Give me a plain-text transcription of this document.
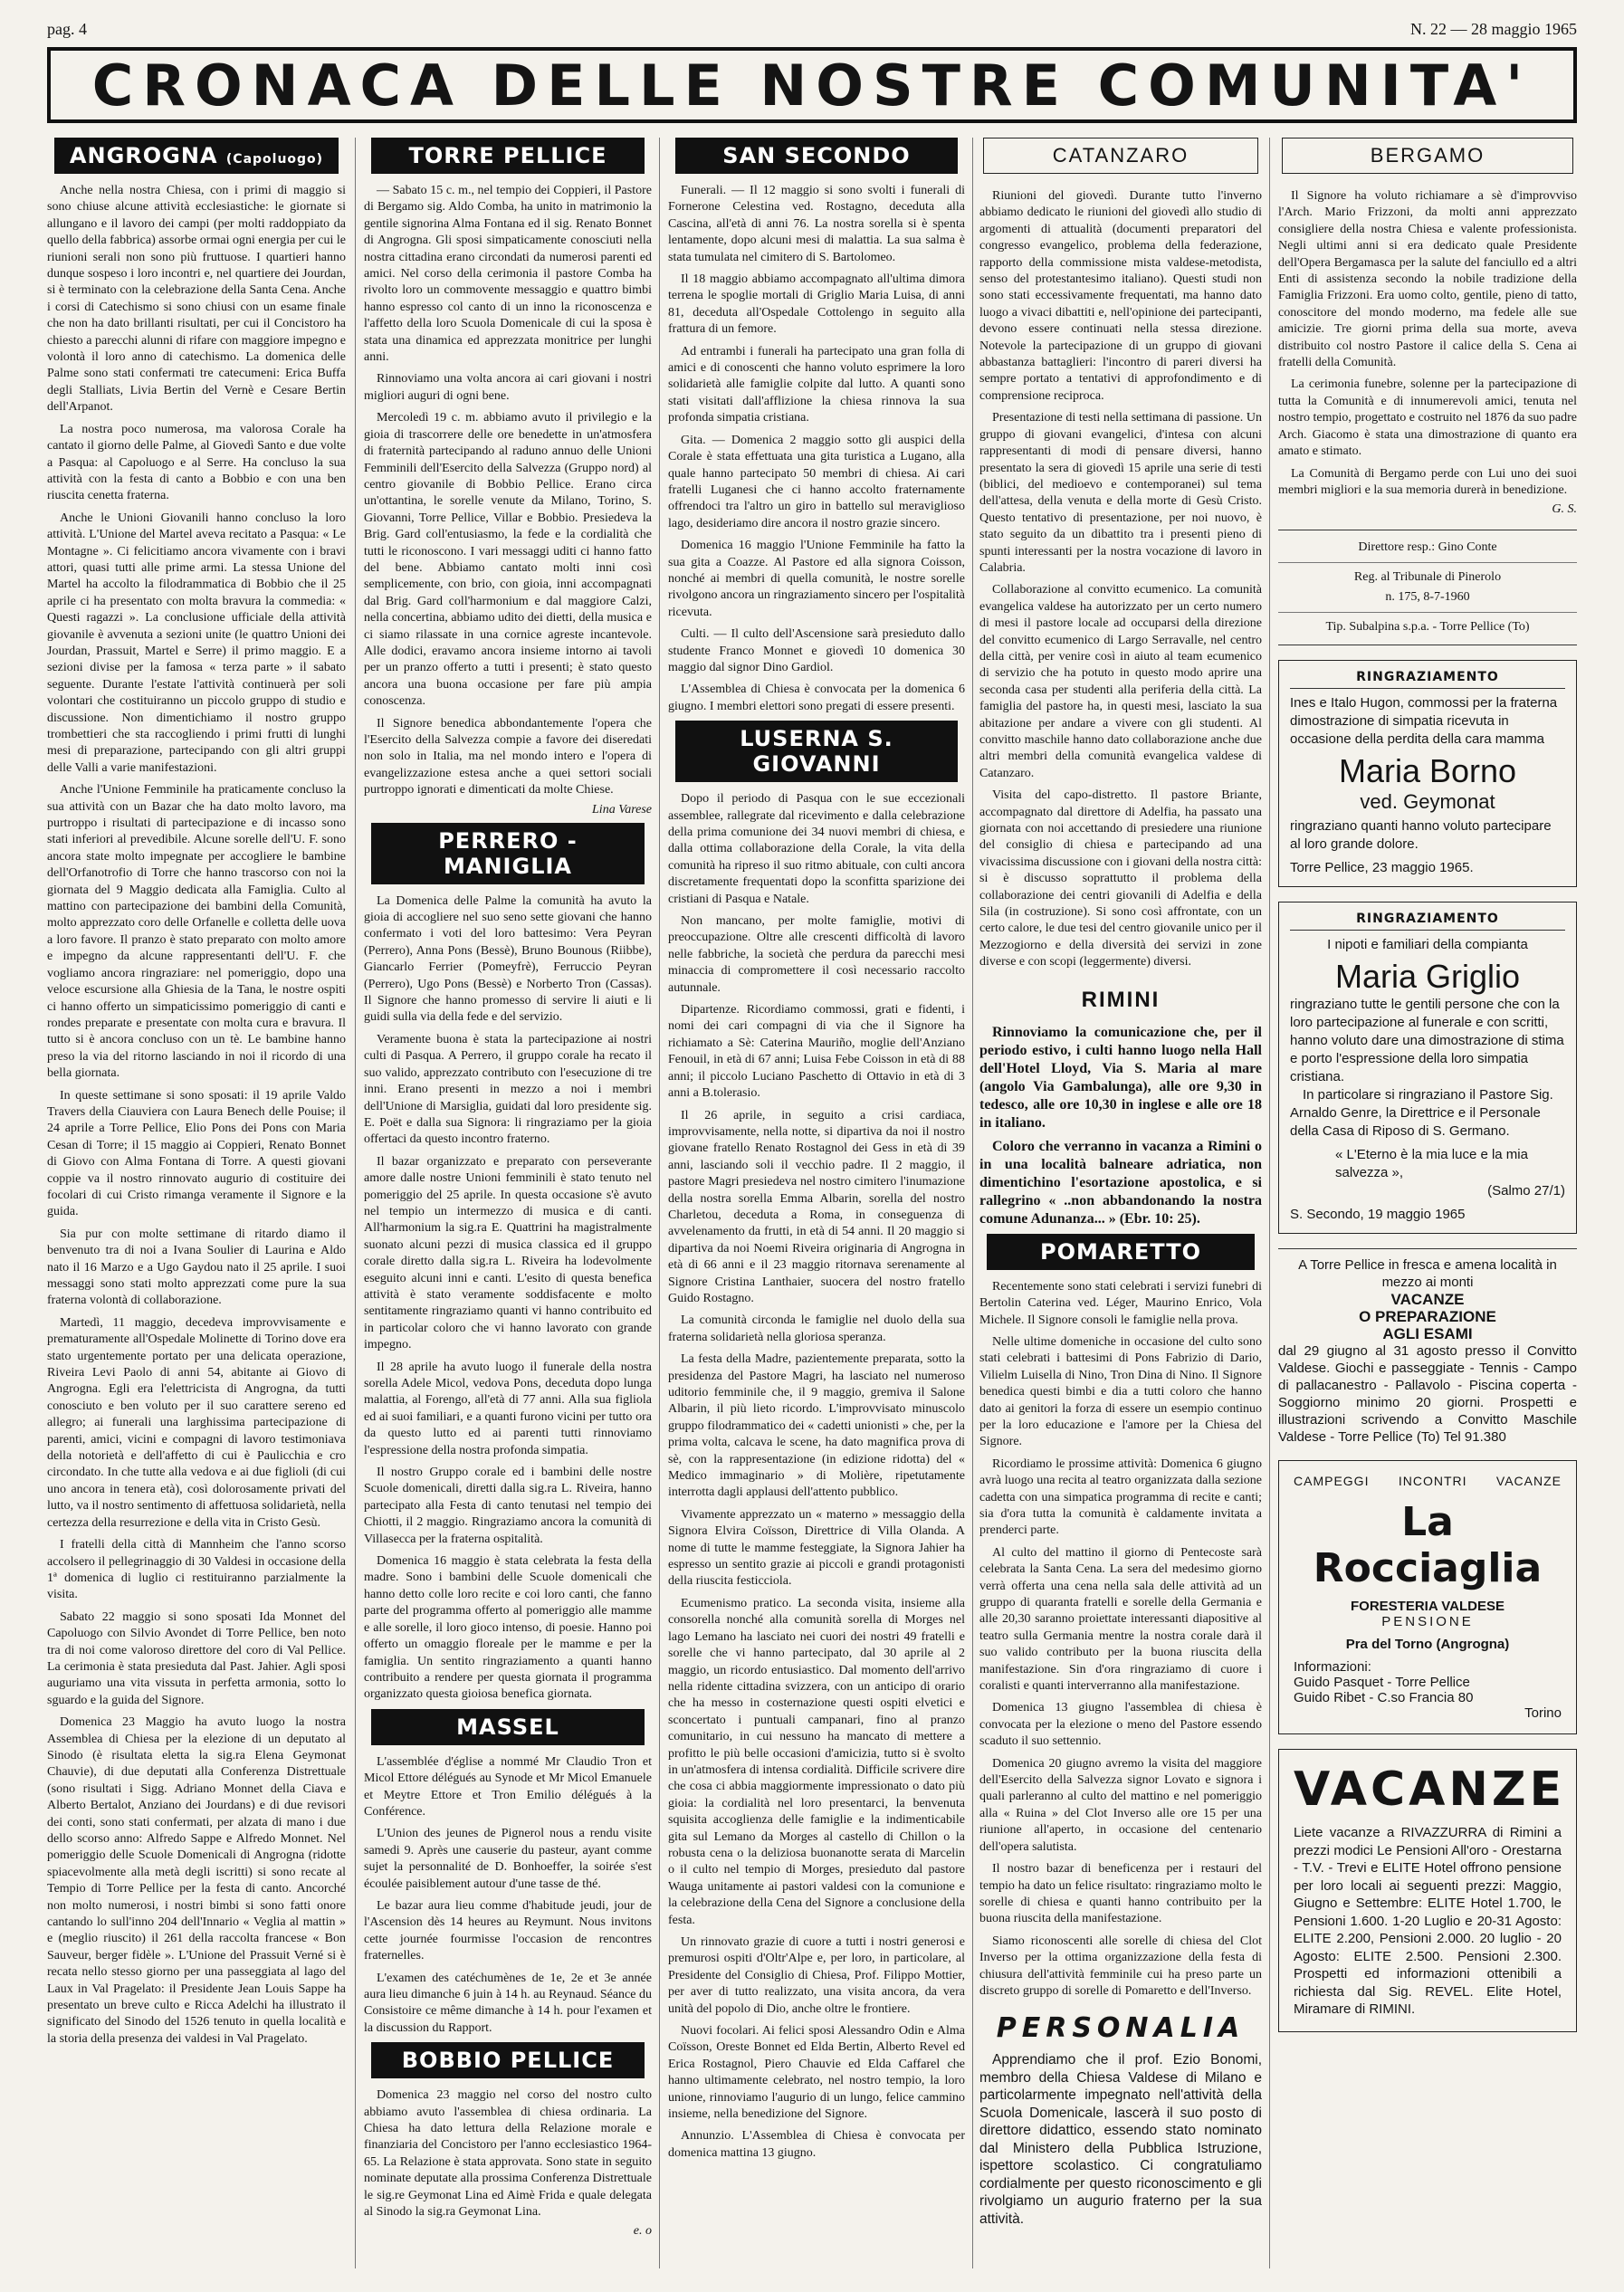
pag. 4	N. 22 — 28 maggio 1965
CRONACA DELLE NOSTRE COMUNITA'
ANGROGNA (Capoluogo)

Anche nella nostra Chiesa, con i primi di maggio si sono chiuse alcune attività ecclesiastiche: le giornate si allungano e il lavoro dei campi (per molti raddoppiato da quello della fabbrica) assorbe ormai ogni energia per cui le riunioni serali non sono più fruttuose. I quartieri hanno dunque sospeso i loro incontri e, nel quartiere dei Jourdan, si è terminato con la celebrazione della Santa Cena. Anche i corsi di Catechismo si sono chiusi con un esame finale che non ha dato brillanti risultati, per cui il Concistoro ha chiesto a parecchi alunni di rifare con maggiore impegno e volontà il loro anno di catechismo. La domenica delle Palme sono stati confermati tre catecumeni: Erica Buffa degli Stalliats, Livia Bertin del Vernè e Cesare Bertin dell'Arpanot.

La nostra poco numerosa, ma valorosa Corale ha cantato il giorno delle Palme, al Giovedì Santo e due volte a Pasqua: al Capoluogo e al Serre. Ha concluso la sua attività con la festa di canto a Bobbio e con una ben riuscita cenetta fraterna.

Anche le Unioni Giovanili hanno concluso la loro attività. L'Unione del Martel aveva recitato a Pasqua: « Le Montagne ». Ci felicitiamo ancora vivamente con i bravi attori, quasi tutti alle prime armi. La stessa Unione del Martel ha accolto la filodrammatica di Bobbio che il 25 aprile ci ha presentato con molta bravura la commedia: « Questi ragazzi ». La conclusione ufficiale della attività giovanile è avvenuta a sezioni unite (le quattro Unioni dei Jourdan, Prassuit, Martel e Serre) il primo maggio. E a sezioni divise per la famosa « terza parte » il sabato seguente. Durante l'estate l'attività continuerà per soli volontari che costituiranno un piccolo gruppo di studio e discussione. Non dimentichiamo il nostro gruppo trombettieri che sta raccogliendo i primi frutti di lunghi mesi di preparazione, partecipando con gli altri gruppi delle Valli a varie manifestazioni.

Anche l'Unione Femminile ha praticamente concluso la sua attività con un Bazar che ha dato molto lavoro, ma purtroppo i risultati di partecipazione e di incasso sono stati inferiori al prevedibile. Alcune sorelle dell'U. F. sono ancora state molto impegnate per accogliere le bambine dell'Orfanotrofio di Torre che hanno trascorso con noi la giornata del 9 Maggio dedicata alla Famiglia. Culto al mattino con partecipazione dei bambini della Comunità, molto apprezzato coro delle Orfanelle e colletta delle uova a loro favore. Il pranzo è stato preparato con molto amore e impegno da alcune rappresentanti dell'U. F. che vogliamo ancora ringraziare: nel pomeriggio, dopo una veloce escursione alla Ghiesia de la Tana, le nostre ospiti ci hanno offerto un simpaticissimo pomeriggio di canti e rondes preparate e presentate con molta cura e bravura. Il tutto si è ancora concluso con un tè. Le bambine hanno preso la via del ritorno lasciando in noi il ricordo di una bella giornata.

In queste settimane si sono sposati: il 19 aprile Valdo Travers della Ciauviera con Laura Benech delle Pouise; il 24 aprile a Torre Pellice, Elio Pons dei Pons con Maria Cesan di Torre; il 15 maggio ai Coppieri, Renato Bonnet di Giovo con Alma Fontana di Torre. A questi giovani coppie va il nostro rinnovato augurio di costituire dei focolari di cui Cristo rimanga veramente il Signore e la guida.

Sia pur con molte settimane di ritardo diamo il benvenuto tra di noi a Ivana Soulier di Laurina e Aldo nato il 16 Marzo e a Ugo Gaydou nato il 25 aprile. I suoi messaggi sono stati molto apprezzati come pure la sua fraterna volontà di collaborazione.

Martedì, 11 maggio, decedeva improvvisamente e prematuramente all'Ospedale Molinette di Torino dove era stato urgentemente portato per una delicata operazione, Riveira Levi Paolo di anni 54, abitante ai Giovo di Angrogna. Egli era l'elettricista di Angrogna, da tutti conosciuto e ben voluto per il suo carattere sereno ed allegro; ai funerali una larghissima partecipazione di parenti, amici, vicini e compagni di lavoro testimoniava della notorietà e dell'affetto di cui è Paulicchia e cro circondato. In che tutte alla vedova e ai due figlioli (di cui uno ancora in tenera età), così dolorosamente privati del lutto, va il nostro sentimento di affettuosa solidarietà, nella certezza della resurrezione e della vita in Cristo Gesù.

I fratelli della città di Mannheim che l'anno scorso accolsero il pellegrinaggio di 30 Valdesi in occasione della 1ª domenica di luglio ci restituiranno parzialmente la visita.

Sabato 22 maggio si sono sposati Ida Monnet del Capoluogo con Silvio Avondet di Torre Pellice, ben noto tra di noi come valoroso direttore del coro di Val Pellice. La cerimonia è stata presieduta dal Past. Jahier. Agli sposi auguriamo una vita vissuta in perfetta armonia, sotto lo sguardo e la guida del Signore.

Domenica 23 Maggio ha avuto luogo la nostra Assemblea di Chiesa per la elezione di un deputato al Sinodo (è risultata eletta la sig.ra Elena Geymonat Chauvie), di due deputati alla Conferenza Distrettuale (sono risultati i Sigg. Adriano Monnet della Ciava e Alberto Bertalot, Anziano dei Jourdans) e di due revisori dei conti, sono stati confermati, per alzata di mano i due dello scorso anno: Alfredo Sappe e Alfredo Monnet. Nel pomeriggio delle Scuole Domenicali di Angrogna (ridotte spiacevolmente alla metà degli iscritti) si sono recate al Tempio di Torre Pellice per la festa di canto. Ancorché non molto numerosi, i nostri bimbi si sono fatti onore cantando lo sull'inno 204 dell'Innario « Veglia al mattin » e (meglio riuscito) il 261 della raccolta francese « Bon Sauveur, berger fidèle ». L'Unione del Prassuit Verné si è recata nello stesso giorno per una passeggiata al lago del Laux in Val Pragelato: il Presidente Jean Louis Sappe ha presentato un breve culto e Ricca Adelchi ha illustrato il significato del Sinodo del 1526 tenuto in quella località e la storia della presenza dei valdesi in Val Pragelato.

TORRE PELLICE

— Sabato 15 c. m., nel tempio dei Coppieri, il Pastore di Bergamo sig. Aldo Comba, ha unito in matrimonio la gentile signorina Alma Fontana ed il sig. Renato Bonnet di Angrogna. Gli sposi simpaticamente conosciuti nella nostra cittadina erano circondati da numerosi parenti ed amici. Nel corso della cerimonia il pastore Comba ha rivolto loro un commovente messaggio e quattro bimbi hanno espresso col canto di un inno la riconoscenza e l'affetto della loro Scuola Domenicale di cui la sposa è stata una dinamica ed apprezzata monitrice per lunghi anni.

Rinnoviamo una volta ancora ai cari giovani i nostri migliori auguri di ogni bene.

Mercoledì 19 c. m. abbiamo avuto il privilegio e la gioia di trascorrere delle ore benedette in un'atmosfera di fraternità partecipando al raduno annuo delle Unioni Femminili dell'Esercito della Salvezza (Gruppo nord) al centro giovanile di Bobbio Pellice. Erano circa un'ottantina, le sorelle venute da Milano, Torino, S. Giovanni, Torre Pellice, Villar e Bobbio. Presiedeva la Brig. Gard coll'entusiasmo, la fede e la cordialità che tutti le riconoscono. I vari messaggi uditi ci hanno fatto del bene. Abbiamo cantato molti inni così semplicemente, con brio, con gioia, inni accompagnati dal Brig. Gard coll'harmonium e dal maggiore Calzi, nella concertina, abbiamo udito dei dietti, della musica e ci siamo rilassate in una cornice agreste incantevole. Alle dodici, eravamo ancora insieme intorno ai tavoli per un pranzo offerto a tutti i presenti; è stato questo ancora una buona occasione per fare più ampia conoscenza.

Il Signore benedica abbondantemente l'opera che l'Esercito della Salvezza compie a favore dei diseredati non solo in Italia, ma nel mondo intero e l'opera di evangelizzazione estesa anche a quei settori sociali purtroppo ignorati e dimenticati da molte Chiese.

Lina Varese
PERRERO - MANIGLIA

La Domenica delle Palme la comunità ha avuto la gioia di accogliere nel suo seno sette giovani che hanno confermato i voti del loro battesimo: Vera Peyran (Perrero), Anna Pons (Bessè), Bruno Bounous (Riibbe), Giancarlo Ferrier (Pomeyfrè), Ferruccio Peyran (Perrero), Ugo Pons (Bessè) e Norberto Tron (Cassas). Il Signore che hanno promesso di servire li aiuti e li guidi sulla via della fede e del servizio.

Veramente buona è stata la partecipazione ai nostri culti di Pasqua. A Perrero, il gruppo corale ha recato il suo valido, apprezzato contributo con l'esecuzione di tre inni. Erano presenti in mezzo a noi i membri dell'Unione di Marsiglia, guidati dal loro presidente sig. E. Poët e dalla sua Signora: li ringraziamo per la gioia offertaci da questo incontro fraterno.

Il bazar organizzato e preparato con perseverante amore dalle nostre Unioni femminili è stato tenuto nel pomeriggio del 25 aprile. In questa occasione s'è avuto nel tempio un intermezzo di musica e di canti. All'harmonium la sig.ra E. Quattrini ha magistralmente suonato alcuni pezzi di musica classica ed il gruppo corale diretto dalla sig.ra L. Riveira ha lodevolmente eseguito alcuni inni e canti. L'esito di questa benefica attività è stato veramente soddisfacente e molto sentitamente ringraziamo quanti vi hanno contribuito ed in particolar coloro che vi hanno lavorato con grande impegno.

Il 28 aprile ha avuto luogo il funerale della nostra sorella Adele Micol, vedova Pons, deceduta dopo lunga malattia, al Forengo, all'età di 77 anni. Alla sua figliola ed ai suoi familiari, e a quanti furono vicini per tutto ora da questo lutto ed ai parenti tutti rinnoviamo l'espressione della nostra profonda simpatia.

Il nostro Gruppo corale ed i bambini delle nostre Scuole domenicali, diretti dalla sig.ra L. Riveira, hanno partecipato alla Festa di canto tenutasi nel tempio dei Chiotti, il 2 maggio. Ringraziamo ancora la comunità di Villasecca per la fraterna ospitalità.

Domenica 16 maggio è stata celebrata la festa della madre. Sono i bambini delle Scuole domenicali che hanno detto colle loro recite e coi loro canti, che fanno parte del programma offerto al pomeriggio alle mamme e alle sorelle, il loro gioco intenso, di poesie. Hanno poi offerto un omaggio floreale per le mamme e per la famiglia. Un sentito ringraziamento a quanti hanno contribuito a rendere per questa giornata il programma organizzato questa gioiosa benefica giornata.

MASSEL

L'assemblée d'église a nommé Mr Claudio Tron et Micol Ettore délégués au Synode et Mr Micol Emanuele et Meytre Ettore et Tron Emilio délégués à la Conférence.

L'Union des jeunes de Pignerol nous a rendu visite samedi 9. Après une causerie du pasteur, ayant comme sujet la personnalité de D. Bonhoeffer, la soirée s'est écoulée paisiblement autour d'une tasse de thé.

Le bazar aura lieu comme d'habitude jeudi, jour de l'Ascension dès 14 heures au Reymunt. Nous invitons cette journée fourmisse l'occasion de rencontres fraternelles.

L'examen des catéchumènes de 1e, 2e et 3e année aura lieu dimanche 6 juin à 14 h. au Reynaud. Séance du Consistoire ce même dimanche à 14 h. pour l'examen et la discussion du Rapport.

BOBBIO PELLICE

Domenica 23 maggio nel corso del nostro culto abbiamo avuto l'assemblea di chiesa ordinaria. La Chiesa ha dato lettura della Relazione morale e finanziaria del Concistoro per l'anno ecclesiastico 1964-65. La Relazione è stata approvata. Sono state in seguito nominate deputate alla prossima Conferenza Distrettuale le sig.re Geymonat Lina ed Aimè Frida e quale delegata al Sinodo la sig.ra Geymonat Lina.

e. o
SAN SECONDO

Funerali. — Il 12 maggio si sono svolti i funerali di Fornerone Celestina ved. Rostagno, deceduta alla Cascina, all'età di anni 76. La nostra sorella si è spenta lentamente, dopo alcuni mesi di malattia. La sua salma è stata tumulata nel cimitero di S. Bartolomeo.

Il 18 maggio abbiamo accompagnato all'ultima dimora terrena le spoglie mortali di Griglio Maria Luisa, di anni 81, deceduta all'Ospedale Cottolengo in seguito alla frattura di un femore.

Ad entrambi i funerali ha partecipato una gran folla di amici e di conoscenti che hanno voluto esprimere la loro solidarietà alle famiglie colpite dal lutto. A quanti sono stati visitati dall'afflizione la chiesa rinnova la sua profonda simpatia cristiana.

Gita. — Domenica 2 maggio sotto gli auspici della Corale è stata effettuata una gita turistica a Lugano, alla quale hanno partecipato 50 membri di chiesa. Ai cari fratelli Luganesi che ci hanno accolto fraternamente offrendoci tra l'altro un giro in battello sul meraviglioso lago, desideriamo dire ancora il nostro grazie sincero.

Domenica 16 maggio l'Unione Femminile ha fatto la sua gita a Coazze. Al Pastore ed alla signora Coisson, nonché ai membri di quella comunità, le nostre sorelle rivolgono ancora un ringraziamento sincero per l'ospitalità ricevuta.

Culti. — Il culto dell'Ascensione sarà presieduto dallo studente Franco Monnet e giovedì 10 domenica 30 maggio dal signor Dino Gardiol.

L'Assemblea di Chiesa è convocata per la domenica 6 giugno. I membri elettori sono pregati di essere presenti.

LUSERNA S. GIOVANNI

Dopo il periodo di Pasqua con le sue eccezionali assemblee, rallegrate dal ricevimento e dalla celebrazione della prima comunione dei 34 nuovi membri di chiesa, e dalla ottima collaborazione della Corale, la vita della comunità ha ripreso il suo ritmo abituale, con culti ancora discretamente frequentati dopo la sconfitta sparizione dei cristiani di Pasqua e Natale.

Non mancano, per molte famiglie, motivi di preoccupazione. Oltre alle crescenti difficoltà di lavoro nelle fabbriche, la società che perdura da parecchi mesi minaccia di compromettere il così necessario raccolto autunnale.

Dipartenze. Ricordiamo commossi, grati e fidenti, i nomi dei cari compagni di via che il Signore ha richiamato a Sè: Caterina Mauriño, moglie dell'Anziano Fenouil, in età di 67 anni; Luisa Febe Coisson in età di 88 anni; il piccolo Luciano Paschetto di Ottavio in età di 3 anni a B.tolerasio.

Il 26 aprile, in seguito a crisi cardiaca, improvvisamente, nella notte, si dipartiva da noi il nostro giovane fratello Renato Rostagnol dei Gess in età di 39 anni, lasciando soli il vecchio padre. Il 2 maggio, il pastore Magri presiedeva nel nostro cimitero l'inumazione della nostra sorella Emma Albarin, sorella del nostro Charletou, deceduta a Roma, in conseguenza di avvelenamento da frutti, in età di 54 anni. Il 20 maggio si dipartiva da noi Noemi Riveira originaria di Angrogna in età di 66 anni e il 23 maggio ritornava serenamente al Signore Cristina Lanthaier, suocera del nostro fratello Guido Rostagno.

La comunità circonda le famiglie nel duolo della sua fraterna solidarietà nella gloriosa speranza.

La festa della Madre, pazientemente preparata, sotto la presidenza del Pastore Magri, ha lasciato nel numeroso uditorio femminile che, il 9 maggio, gremiva il Salone Albarin, il più lieto ricordo. L'improvvisato minuscolo gruppo filodrammatico dei « cadetti unionisti » che, per la prima volta, calcava le scene, ha dato magnifica prova di sè, con la rappresentazione (in edizione ridotta) del « Medico immaginario » di Molière, ripetutamente interrotta dagli applausi dell'attento pubblico.

Vivamente apprezzato un « materno » messaggio della Signora Elvira Coïsson, Direttrice di Villa Olanda. A nome di tutte le mamme festeggiate, la Signora Jahier ha espresso un sentito grazie ai piccoli e grandi protagonisti della riuscita festicciola.

Ecumenismo pratico. La seconda visita, insieme alla consorella nonché alla comunità sorella di Morges nel lago Lemano ha lasciato nei cuori dei nostri 49 fratelli e sorelle che vi hanno partecipato, dal 30 aprile al 2 maggio, un ricordo entusiastico. Dal momento dell'arrivo nella ridente cittadina svizzera, con un anticipo di orario che ha messo in costernazione questi ospiti elvetici e sconcertato i puntuali campanari, fino al pranzo comunitario, in cui nessuno ha mancato di mettere a profitto le più belle occasioni d'amicizia, tutto si è svolto in un'atmosfera di intensa cordialità. Difficile scrivere dire che cosa ci abbia maggiormente impressionato o dato più gioia: la cordialità nel loro presentarci, la benvenuta squisita accoglienza delle famiglie e la indimenticabile gita sul Lemano da Morges al castello di Chillon o la robusta cena o la deliziosa buonanotte serata di Marcelin o il culto nel tempio di Morges, presieduto dal pastore Wauga unitamente ai pastori valdesi con la comunione e la celebrazione della Cena del Signore a conclusione della festa.

Un rinnovato grazie di cuore a tutti i nostri generosi e premurosi ospiti d'Oltr'Alpe e, per loro, in particolare, al Presidente del Consiglio di Chiesa, Prof. Filippo Mottier, per aver di tutto realizzato, una visita ancora, da vera unità del popolo di Dio, anche oltre le frontiere.

Nuovi focolari. Ai felici sposi Alessandro Odin e Alma Coïsson, Oreste Bonnet ed Elda Bertin, Alberto Revel ed Erica Rostagnol, Piero Chauvie ed Elda Caffarel che hanno ultimamente celebrato, nel nostro tempio, la loro unione, rinnoviamo l'augurio di un lungo, felice cammino insieme, nella benedizione del Signore.

Annunzio. L'Assemblea di Chiesa è convocata per domenica mattina 13 giugno.

CATANZARO

Riunioni del giovedì. Durante tutto l'inverno abbiamo dedicato le riunioni del giovedì allo studio di argomenti di attualità (documenti preparatori del congresso evangelico, problema della federazione, rapporto della commissione mista valdese-metodista, senso del protestantesimo italiano). Questi studi non sono stati eccessivamente frequentati, ma hanno dato luogo a vivaci dibattiti e, nell'opinione dei partecipanti, devono essere continuati nella stessa direzione. Notevole la partecipazione di un gruppo di giovani abbastanza battaglieri: l'incontro di pareri diversi ha sempre portato a tentativi di approfondimento e di comprensione reciproca.

Presentazione di testi nella settimana di passione. Un gruppo di giovani evangelici, d'intesa con alcuni rappresentanti di modi di pensare diversi, hanno presentato la sera di giovedì 15 aprile una serie di testi (biblici, del medioevo e contemporanei) sul tema dell'attesa, della venuta e della morte di Gesù Cristo. Questo tentativo di presentazione, per noi nuovo, è stato seguito da un dibattito tra i presenti pieno di spunti interessanti per la nostra vocazione di lavoro in Calabria.

Collaborazione al convitto ecumenico. La comunità evangelica valdese ha autorizzato per un certo numero di mesi il pastore locale ad occuparsi della direzione del convitto ecumenico di Largo Serravalle, nel centro della città, per venire così in aiuto al team ecumenico di servizio che ha potuto in questo modo aprire una seconda casa per studenti alla periferia della città. La famiglia del pastore ha, in questi mesi, lasciato la sua abitazione per andare a vivere con gli studenti. Al convitto maschile hanno dato collaborazione anche due altri membri della comunità evangelica valdese di Catanzaro.

Visita del capo-distretto. Il pastore Briante, accompagnato dal direttore di Adelfia, ha passato una giornata con noi accettando di presiedere una riunione del consiglio di chiesa e partecipando ad una vivacissima discussione con i giovani della nostra città: si è discusso soprattutto il problema della collaborazione dei centri giovanili di Adelfia e della Sila (in costruzione). Si sono così affrontate, con un certo calore, le due tesi del centro giovanile unico per il Mezzogiorno e della diversità dei servizi in zone diverse e con scopi (leggermente) diversi.

RIMINI

Rinnoviamo la comunicazione che, per il periodo estivo, i culti hanno luogo nella Hall dell'Hotel Lloyd, Via S. Maria al mare (angolo Via Gambalunga), alle ore 9,30 in tedesco, alle ore 10,30 in inglese e alle ore 18 in italiano.

Coloro che verranno in vacanza a Rimini o in una località balneare adriatica, non dimentichino l'esortazione apostolica, e si rallegrino « ..non abbandonando la nostra comune Adunanza... » (Ebr. 10: 25).

POMARETTO

Recentemente sono stati celebrati i servizi funebri di Bertolin Caterina ved. Léger, Maurino Enrico, Vola Michele. Il Signore consoli le famiglie nella prova.

Nelle ultime domeniche in occasione del culto sono stati celebrati i battesimi di Pons Fabrizio di Dario, Vilielm Luisella di Nino, Tron Dina di Nino. Il Signore benedica questi bimbi e dia a tutti coloro che hanno dato ai genitori la forza di essere un esempio continuo per la loro educazione e l'amore per la Chiesa del Signore.

Ricordiamo le prossime attività: Domenica 6 giugno avrà luogo una recita al teatro organizzata dalla sezione cadetta con una simpatica programma di recite e canti; sia d'ora tutta la comunità è caldamente invitata a prenderci parte.

Al culto del mattino il giorno di Pentecoste sarà celebrata la Santa Cena. La sera del medesimo giorno verrà offerta una cena nella sala delle attività ad un gruppo di quaranta fratelli e sorelle della Germania e alle 20,30 saranno proiettate interessanti diapositive al teatro sulla Germania mentre la nostra corale darà il suo valido contributo per la buona riuscita della manifestazione. Sin d'ora ringraziamo di cuore i coralisti e quanti interverranno alla manifestazione.

Domenica 13 giugno l'assemblea di chiesa è convocata per la elezione o meno del Pastore essendo scaduto il suo settennio.

Domenica 20 giugno avremo la visita del maggiore dell'Esercito della Salvezza signor Lovato e signora i quali parleranno al culto del mattino e nel pomeriggio alla « Ruina » del Clot Inverso alle ore 15 per una riunione all'aperto, in occasione del centenario dell'opera salutista.

Il nostro bazar di beneficenza per i restauri del tempio ha dato un felice risultato: ringraziamo molto le sorelle di chiesa e quanti hanno contribuito per la buona riuscita della manifestazione.

Siamo riconoscenti alle sorelle di chiesa del Clot Inverso per la ottima organizzazione della festa di chiusura dell'attività femminile cui ha preso parte un discreto gruppo di sorelle di Pomaretto e dell'Inverso.

PERSONALIA

Apprendiamo che il prof. Ezio Bonomi, membro della Chiesa Valdese di Milano e particolarmente impegnato nell'attività della Scuola Domenicale, lascerà il suo posto di direttore didattico, essendo stato nominato dal Ministero della Pubblica Istruzione, ispettore scolastico. Ci congratuliamo cordialmente per questo riconoscimento e gli rivolgiamo un augurio fraterno per la sua attività.

BERGAMO

Il Signore ha voluto richiamare a sè d'improvviso l'Arch. Mario Frizzoni, da molti anni apprezzato consigliere della nostra Chiesa e valente professionista. Negli ultimi anni si era dedicato quale Presidente dell'Opera Bergamasca per la salute del fanciullo ed a altri Enti di assistenza secondo la nobile tradizione della Famiglia Frizzoni. Era uomo colto, gentile, pieno di tatto, conoscitore del mondo moderno, ma fedele alle sue amicizie. Tre giorni prima della sua morte, aveva distribuito col nostro Pastore il calice della S. Cena ai fratelli della Comunità.

La cerimonia funebre, solenne per la partecipazione di tutta la Comunità e di innumerevoli amici, tenuta nel nostro tempio, progettato e costruito nel 1876 da suo padre Arch. Giacomo è stata una dimostrazione di quanto era amato e stimato.

La Comunità di Bergamo perde con Lui uno dei suoi membri migliori e la sua memoria durerà in benedizione.

G. S.
Direttore resp.: Gino Conte
Reg. al Tribunale di Pinerolo
n. 175, 8-7-1960
Tip. Subalpina s.p.a. - Torre Pellice (To)
RINGRAZIAMENTO
Ines e Italo Hugon, commossi per la fraterna dimostrazione di simpatia ricevuta in occasione della perdita della cara mamma
Maria Borno
ved. Geymonat
ringraziano quanti hanno voluto partecipare al loro grande dolore.
Torre Pellice, 23 maggio 1965.
RINGRAZIAMENTO
I nipoti e familiari della compianta
Maria Griglio
ringraziano tutte le gentili persone che con la loro partecipazione al funerale e con scritti, hanno voluto dare una dimostrazione di stima e porto l'espressione della loro simpatia cristiana.
In particolare si ringraziano il Pastore Sig. Arnaldo Genre, la Direttrice e il Personale della Casa di Riposo di S. Germano.
« L'Eterno è la mia luce e la mia salvezza »,
(Salmo 27/1)
S. Secondo, 19 maggio 1965
A Torre Pellice in fresca e amena località in mezzo ai monti
VACANZE
O PREPARAZIONE
AGLI ESAMI
dal 29 giugno al 31 agosto presso il Convitto Valdese. Giochi e passeggiate - Tennis - Campo di pallacanestro - Pallavolo - Piscina coperta - Soggiorno minimo 20 giorni. Prospetti e illustrazioni scrivendo a Convitto Maschile Valdese - Torre Pellice (To) Tel 91.380
CAMPEGGI INCONTRI VACANZE
La Rocciaglia
FORESTERIA VALDESE
PENSIONE
Pra del Torno (Angrogna)
Informazioni:
Guido Pasquet - Torre Pellice
Guido Ribet - C.so Francia 80
Torino
VACANZE

Liete vacanze a RIVAZZURRA di Rimini a prezzi modici Le Pensioni All'oro - Orestarna - T.V. - Trevi e ELITE Hotel offrono pensione per loro locali ai seguenti prezzi: Maggio, Giugno e Settembre: ELITE Hotel 1.700, le Pensioni 1.600. 1-20 Luglio e 20-31 Agosto: ELITE 2.200, Pensioni 2.000. 20 luglio - 20 Agosto: ELITE 2.500. Pensioni 2.300. Prospetti ed informazioni ottenibili a richiesta dal Sig. REVEL. Elite Hotel, Miramare di RIMINI.
